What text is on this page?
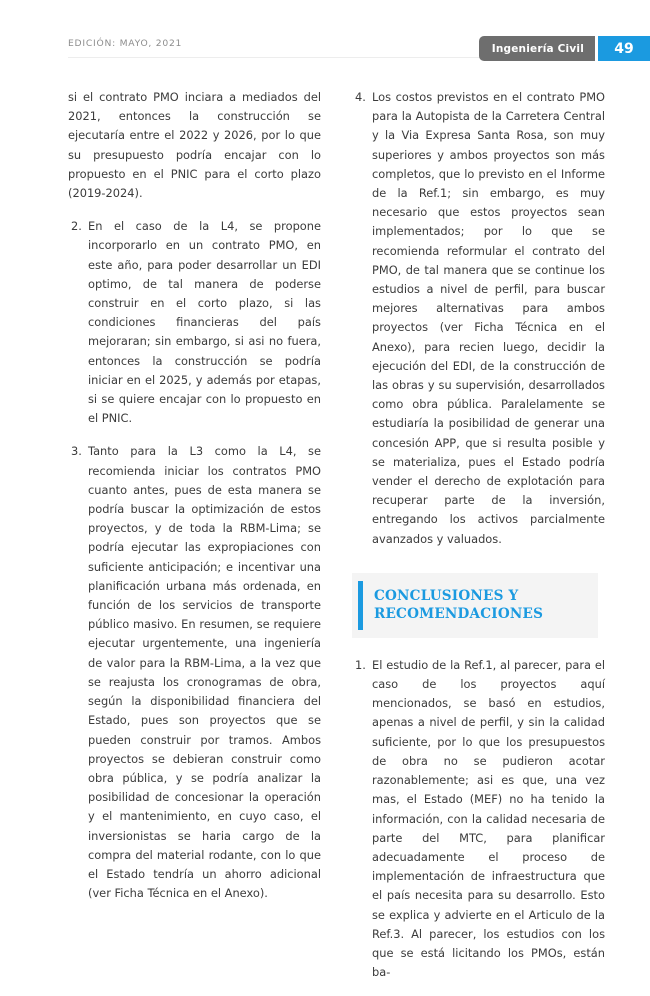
EDICIÓN: MAYO, 2021	Ingeniería Civil	49
si el contrato PMO inciara a mediados del 2021, entonces la construcción se ejecutaría entre el 2022 y 2026, por lo que su presupuesto podría encajar con lo propuesto en el PNIC para el corto plazo (2019-2024).
2. En el caso de la L4, se propone incorporarlo en un contrato PMO, en este año, para poder desarrollar un EDI optimo, de tal manera de poderse construir en el corto plazo, si las condiciones financieras del país mejoraran; sin embargo, si asi no fuera, entonces la construcción se podría iniciar en el 2025, y además por etapas, si se quiere encajar con lo propuesto en el PNIC.
3. Tanto para la L3 como la L4, se recomienda iniciar los contratos PMO cuanto antes, pues de esta manera se podría buscar la optimización de estos proyectos, y de toda la RBM-Lima; se podría ejecutar las expropiaciones con suficiente anticipación; e incentivar una planificación urbana más ordenada, en función de los servicios de transporte público masivo. En resumen, se requiere ejecutar urgentemente, una ingeniería de valor para la RBM-Lima, a la vez que se reajusta los cronogramas de obra, según la disponibilidad financiera del Estado, pues son proyectos que se pueden construir por tramos. Ambos proyectos se debieran construir como obra pública, y se podría analizar la posibilidad de concesionar la operación y el mantenimiento, en cuyo caso, el inversionistas se haria cargo de la compra del material rodante, con lo que el Estado tendría un ahorro adicional (ver Ficha Técnica en el Anexo).
4. Los costos previstos en el contrato PMO para la Autopista de la Carretera Central y la Via Expresa Santa Rosa, son muy superiores y ambos proyectos son más completos, que lo previsto en el Informe de la Ref.1; sin embargo, es muy necesario que estos proyectos sean implementados; por lo que se recomienda reformular el contrato del PMO, de tal manera que se continue los estudios a nivel de perfil, para buscar mejores alternativas para ambos proyectos (ver Ficha Técnica en el Anexo), para recien luego, decidir la ejecución del EDI, de la construcción de las obras y su supervisión, desarrollados como obra pública. Paralelamente se estudiaría la posibilidad de generar una concesión APP, que si resulta posible y se materializa, pues el Estado podría vender el derecho de explotación para recuperar parte de la inversión, entregando los activos parcialmente avanzados y valuados.
CONCLUSIONES Y
RECOMENDACIONES
1. El estudio de la Ref.1, al parecer, para el caso de los proyectos aquí mencionados, se basó en estudios, apenas a nivel de perfil, y sin la calidad suficiente, por lo que los presupuestos de obra no se pudieron acotar razonablemente; asi es que, una vez mas, el Estado (MEF) no ha tenido la información, con la calidad necesaria de parte del MTC, para planificar adecuadamente el proceso de implementación de infraestructura que el país necesita para su desarrollo. Esto se explica y advierte en el Articulo de la Ref.3. Al parecer, los estudios con los que se está licitando los PMOs, están ba-
